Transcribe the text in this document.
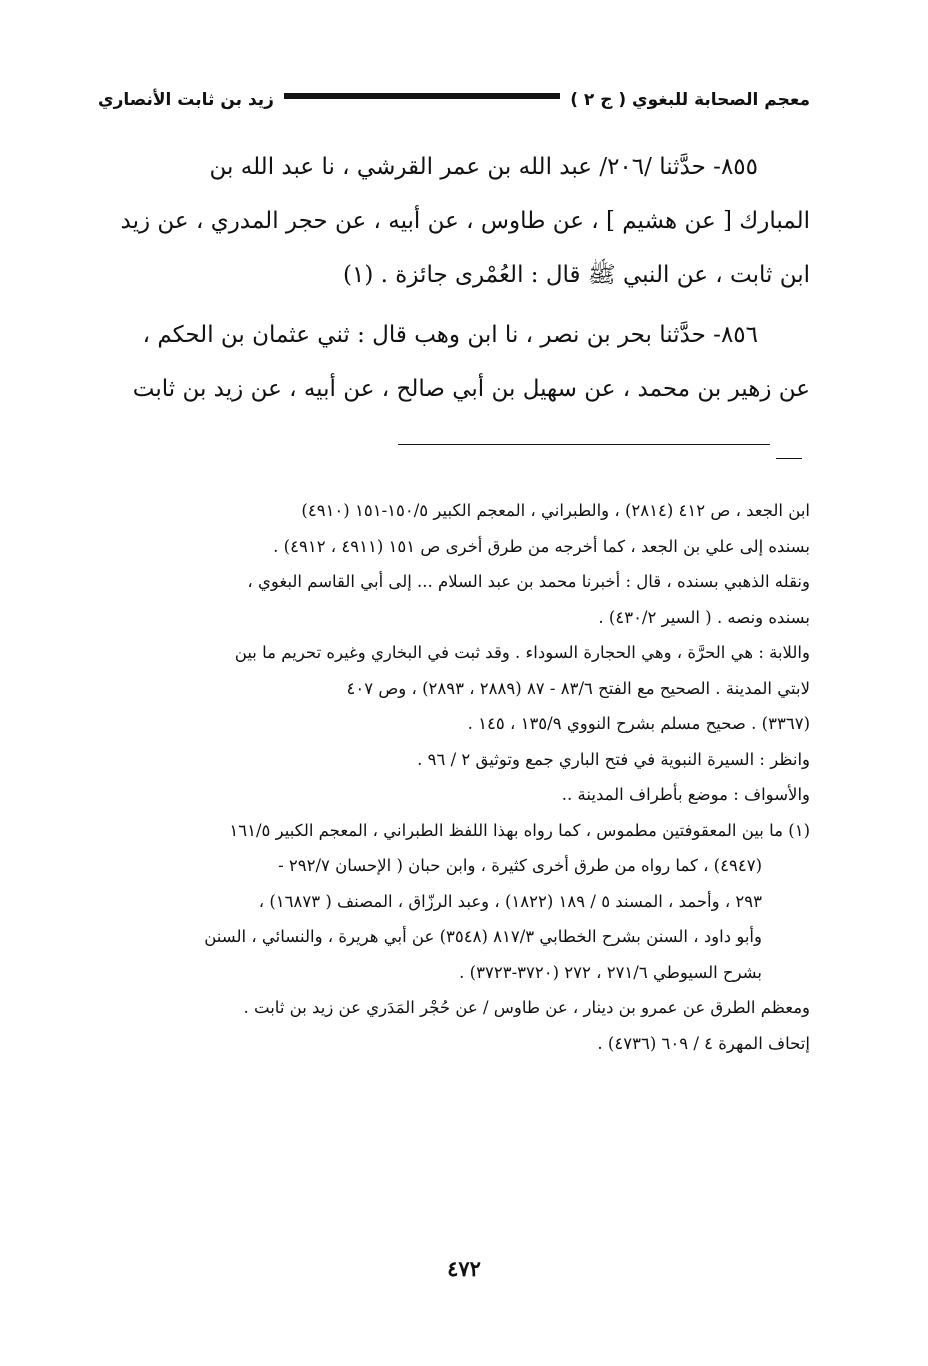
معجم الصحابة للبغوي ( ج ٢ )
زيد بن ثابت الأنصاري

٨٥٥- حدَّثنا /٢٠٦/ عبد الله بن عمر القرشي ، نا عبد الله بن

المبارك [ عن هشيم ] ، عن طاوس ، عن أبيه ، عن حجر المدري ، عن زيد

ابن ثابت ، عن النبي ﷺ قال : العُمْرى جائزة . (١)

٨٥٦- حدَّثنا بحر بن نصر ، نا ابن وهب قال : ثني عثمان بن الحكم ،

عن زهير بن محمد ، عن سهيل بن أبي صالح ، عن أبيه ، عن زيد بن ثابت

ابن الجعد ، ص ٤١٢ (٢٨١٤) ، والطبراني ، المعجم الكبير ١٥٠/٥-١٥١ (٤٩١٠)

بسنده إلى علي بن الجعد ، كما أخرجه من طرق أخرى ص ١٥١ (٤٩١١ ، ٤٩١٢) .

ونقله الذهبي بسنده ، قال : أخبرنا محمد بن عبد السلام ... إلى أبي القاسم البغوي ،

بسنده ونصه . ( السير ٤٣٠/٢) .

واللابة : هي الحرَّة ، وهي الحجارة السوداء . وقد ثبت في البخاري وغيره تحريم ما بين

لابتي المدينة . الصحيح مع الفتح ٨٣/٦ - ٨٧ (٢٨٨٩ ، ٢٨٩٣) ، وص ٤٠٧

(٣٣٦٧) . صحيح مسلم بشرح النووي ١٣٥/٩ ، ١٤٥ .

وانظر : السيرة النبوية في فتح الباري جمع وتوثيق ٢ / ٩٦ .

والأسواف : موضع بأطراف المدينة ..

(١) ما بين المعقوفتين مطموس ، كما رواه بهذا اللفظ الطبراني ، المعجم الكبير ١٦١/٥

(٤٩٤٧) ، كما رواه من طرق أخرى كثيرة ، وابن حبان ( الإحسان ٢٩٢/٧ -

٢٩٣ ، وأحمد ، المسند ٥ / ١٨٩ (١٨٢٢) ، وعبد الرزّاق ، المصنف ( ١٦٨٧٣) ،

وأبو داود ، السنن بشرح الخطابي ٨١٧/٣ (٣٥٤٨) عن أبي هريرة ، والنسائي ، السنن

بشرح السيوطي ٢٧١/٦ ، ٢٧٢ (٣٧٢٠-٣٧٢٣) .

ومعظم الطرق عن عمرو بن دينار ، عن طاوس / عن حُجْر المَدَري عن زيد بن ثابت .

إتحاف المهرة ٤ / ٦٠٩ (٤٧٣٦) .

٤٧٢
